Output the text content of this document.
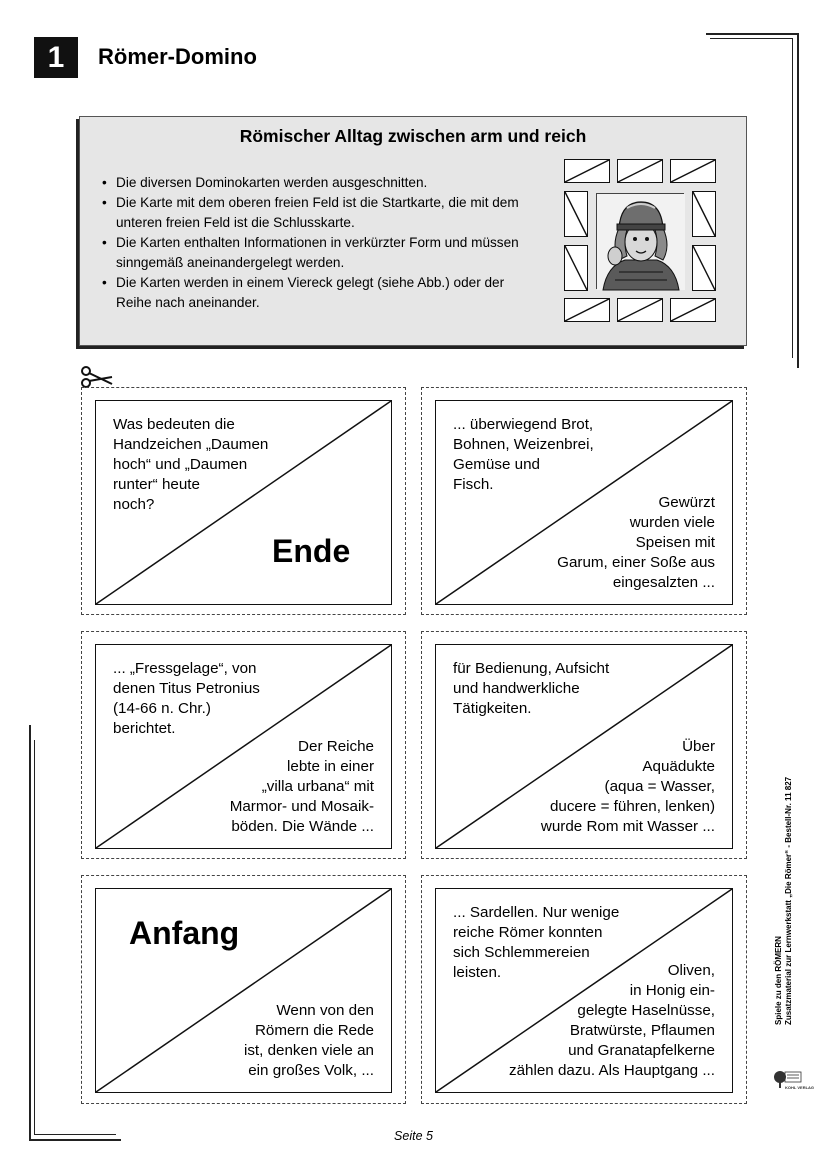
1	Römer-Domino
Römischer Alltag zwischen arm und reich
• Die diversen Dominokarten werden ausgeschnitten.
• Die Karte mit dem oberen freien Feld ist die Startkarte, die mit dem unteren freien Feld ist die Schlusskarte.
• Die Karten enthalten Informationen in verkürzter Form und müssen sinngemäß aneinandergelegt werden.
• Die Karten werden in einem Viereck gelegt (siehe Abb.) oder der Reihe nach aneinander.
Was bedeuten die
Handzeichen „Daumen
hoch“ und „Daumen
runter“ heute
noch?
Ende
... überwiegend Brot,
Bohnen, Weizenbrei,
Gemüse und
Fisch.
Gewürzt
wurden viele
Speisen mit
Garum, einer Soße aus
eingesalzten ...
... „Fressgelage“, von
denen Titus Petronius
(14-66 n. Chr.)
berichtet.
Der Reiche
lebte in einer
„villa urbana“ mit
Marmor- und Mosaik-
böden. Die Wände ...
für Bedienung, Aufsicht
und handwerkliche
Tätigkeiten.
Über
Aquädukte
(aqua = Wasser,
ducere = führen, lenken)
wurde Rom mit Wasser ...
Anfang
Wenn von den
Römern die Rede
ist, denken viele an
ein großes Volk, ...
... Sardellen. Nur wenige
reiche Römer konnten
sich Schlemmereien
leisten.	Oliven,
in Honig ein-
gelegte Haselnüsse,
Bratwürste, Pflaumen
und Granatapfelkerne
zählen dazu. Als Hauptgang ...
Spiele zu den RÖMERN Zusatzmaterial zur Lernwerkstatt „Die Römer“ - Bestell-Nr. 11 827
KOHL VERLAG
Seite 5
